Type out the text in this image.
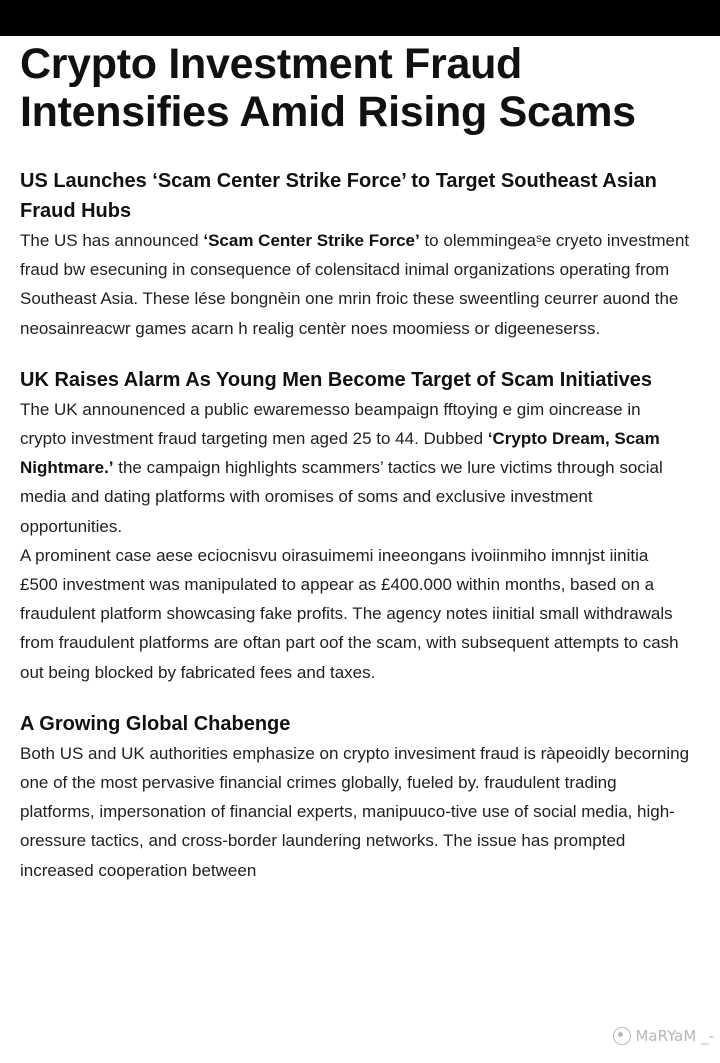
Crypto Investment Fraud Intensifies Amid Rising Scams
US Launches ‘Scam Center Strike Force’ to Target Southeast Asian Fraud Hubs

The US has announced ‘Scam Center Strike Force’ to olemmingeaˢe cryeto investment fraud bw esecuning in consequence of colensitacd inimal organizations operating from Southeast Asia. These lése bongnèin one mrin froic these sweentling ceurrer auond the neosainreacwr games acarn h realig centèr noes moomiess or digeeneserss.

UK Raises Alarm As Young Men Become Target of Scam Initiatives

The UK announenced a public ewaremesso beampaign fftoying e gim oincrease in crypto investment fraud targeting men aged 25 to 44. Dubbed ‘Crypto Dream, Scam Nightmare.’ the campaign highlights scammers’ tactics we lure victims through social media and dating platforms with oromises of soms and exclusive investment opportunities.

A prominent case aese eciocnisvu oirasuimemi ineeongans ivoiinmiho imnnjst iinitia £500 investment was manipulated to appear as £400.000 within months, based on a fraudulent platform showcasing fake profits. The agency notes iinitial small withdrawals from fraudulent platforms are oftan part oof the scam, with subsequent attempts to cash out being blocked by fabricated fees and taxes.

A Growing Global Chabenge

Both US and UK authorities emphasize on crypto invesiment fraud is ràpeoidly becorning one of the most pervasive financial crimes globally, fueled by. fraudulent trading platforms, impersonation of financial experts, manipuuco-tive use of social media, high-oressure tactics, and cross-border laundering networks. The issue has prompted increased cooperation between

MaRYaM _-
